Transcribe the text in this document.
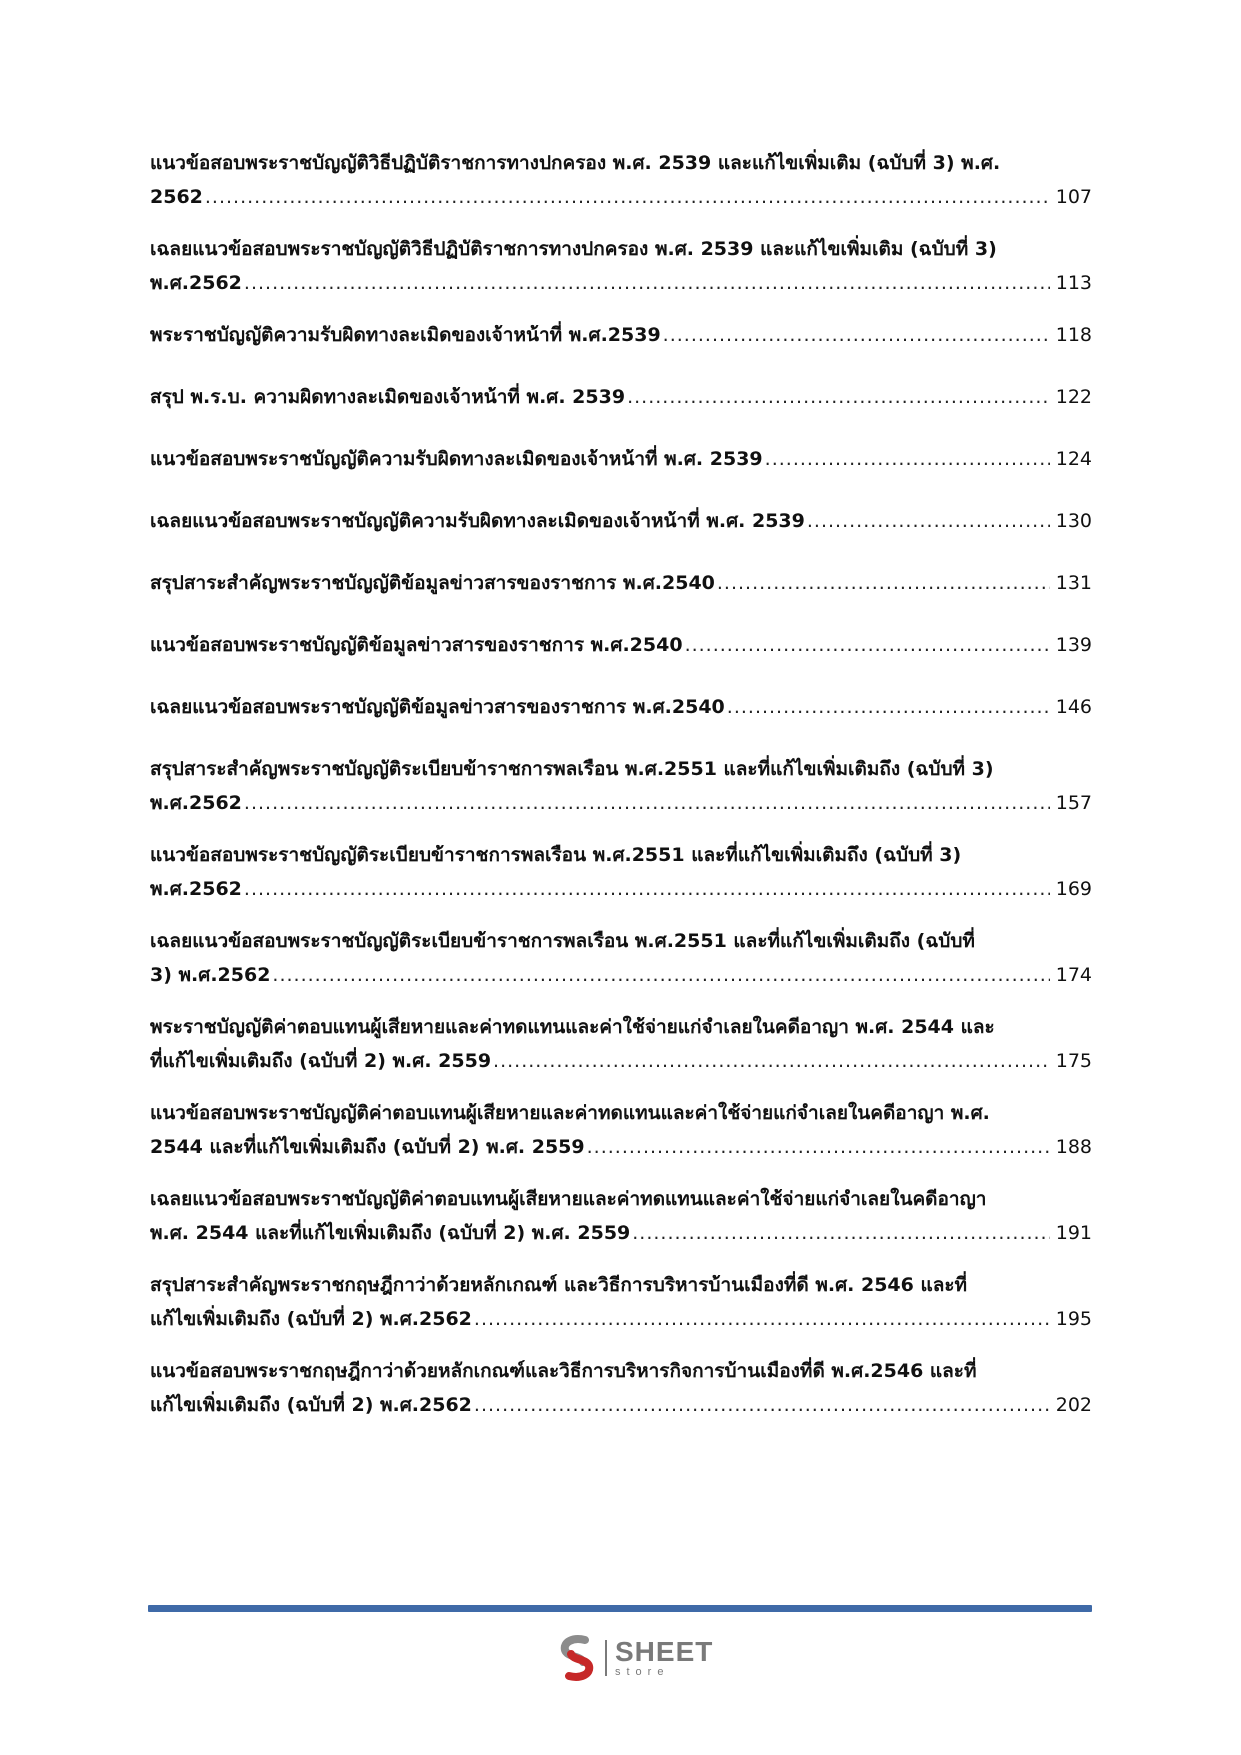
แนวข้อสอบพระราชบัญญัติวิธีปฏิบัติราชการทางปกครอง พ.ศ. 2539 และแก้ไขเพิ่มเติม (ฉบับที่ 3) พ.ศ.
2562 .....	107
เฉลยแนวข้อสอบพระราชบัญญัติวิธีปฏิบัติราชการทางปกครอง พ.ศ. 2539 และแก้ไขเพิ่มเติม (ฉบับที่ 3)
พ.ศ.2562 .....	113
พระราชบัญญัติความรับผิดทางละเมิดของเจ้าหน้าที่ พ.ศ.2539 .....	118
สรุป พ.ร.บ. ความผิดทางละเมิดของเจ้าหน้าที่ พ.ศ. 2539 .....	122
แนวข้อสอบพระราชบัญญัติความรับผิดทางละเมิดของเจ้าหน้าที่ พ.ศ. 2539 .....	124
เฉลยแนวข้อสอบพระราชบัญญัติความรับผิดทางละเมิดของเจ้าหน้าที่ พ.ศ. 2539 .....	130
สรุปสาระสำคัญพระราชบัญญัติข้อมูลข่าวสารของราชการ พ.ศ.2540 .....	131
แนวข้อสอบพระราชบัญญัติข้อมูลข่าวสารของราชการ พ.ศ.2540 .....	139
เฉลยแนวข้อสอบพระราชบัญญัติข้อมูลข่าวสารของราชการ พ.ศ.2540 .....	146
สรุปสาระสำคัญพระราชบัญญัติระเบียบข้าราชการพลเรือน พ.ศ.2551 และที่แก้ไขเพิ่มเติมถึง (ฉบับที่ 3)
พ.ศ.2562 .....	157
แนวข้อสอบพระราชบัญญัติระเบียบข้าราชการพลเรือน พ.ศ.2551 และที่แก้ไขเพิ่มเติมถึง (ฉบับที่ 3)
พ.ศ.2562 .....	169
เฉลยแนวข้อสอบพระราชบัญญัติระเบียบข้าราชการพลเรือน พ.ศ.2551 และที่แก้ไขเพิ่มเติมถึง (ฉบับที่
3) พ.ศ.2562 .....	174
พระราชบัญญัติค่าตอบแทนผู้เสียหายและค่าทดแทนและค่าใช้จ่ายแก่จำเลยในคดีอาญา พ.ศ. 2544 และ
ที่แก้ไขเพิ่มเติมถึง (ฉบับที่ 2) พ.ศ. 2559 .....	175
แนวข้อสอบพระราชบัญญัติค่าตอบแทนผู้เสียหายและค่าทดแทนและค่าใช้จ่ายแก่จำเลยในคดีอาญา พ.ศ.
2544 และที่แก้ไขเพิ่มเติมถึง (ฉบับที่ 2) พ.ศ. 2559 .....	188
เฉลยแนวข้อสอบพระราชบัญญัติค่าตอบแทนผู้เสียหายและค่าทดแทนและค่าใช้จ่ายแก่จำเลยในคดีอาญา
พ.ศ. 2544 และที่แก้ไขเพิ่มเติมถึง (ฉบับที่ 2) พ.ศ. 2559 .....	191
สรุปสาระสำคัญพระราชกฤษฎีกาว่าด้วยหลักเกณฑ์ และวิธีการบริหารบ้านเมืองที่ดี พ.ศ. 2546 และที่
แก้ไขเพิ่มเติมถึง (ฉบับที่ 2) พ.ศ.2562 .....	195
แนวข้อสอบพระราชกฤษฎีกาว่าด้วยหลักเกณฑ์และวิธีการบริหารกิจการบ้านเมืองที่ดี พ.ศ.2546 และที่
แก้ไขเพิ่มเติมถึง (ฉบับที่ 2) พ.ศ.2562 .....	202
SHEET
store
